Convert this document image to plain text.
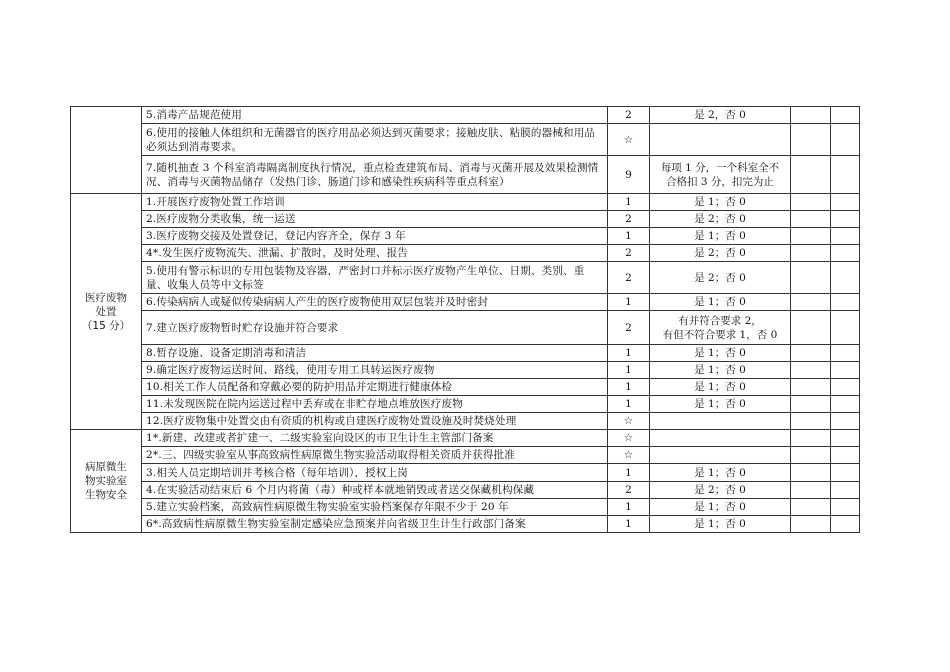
	5.消毒产品规范使用	2	是 2，否 0		

	6.使用的接触人体组织和无菌器官的医疗用品必须达到灭菌要求；接触皮肤、粘膜的器械和用品必须达到消毒要求。	☆			
	7.随机抽查 3 个科室消毒隔离制度执行情况，重点检查建筑布局、消毒与灭菌开展及效果检测情况、消毒与灭菌物品储存（发热门诊、肠道门诊和感染性疾病科等重点科室）	9	每项 1 分，一个科室全不
合格扣 3 分，扣完为止		

医疗废物
处置
（15 分）	1.开展医疗废物处置工作培训	1	是 1；否 0		

	2.医疗废物分类收集，统一运送	2	是 2；否 0		

	3.医疗废物交接及处置登记，登记内容齐全，保存 3 年	1	是 1；否 0		

	4*.发生医疗废物流失、泄漏、扩散时，及时处理、报告	2	是 2；否 0		

	5.使用有警示标识的专用包装物及容器，严密封口并标示医疗废物产生单位、日期、类别、重量、收集人员等中文标签	2	是 2；否 0		

	6.传染病病人或疑似传染病病人产生的医疗废物使用双层包装并及时密封	1	是 1；否 0		

	7.建立医疗废物暂时贮存设施并符合要求	2	有并符合要求 2，
有但不符合要求 1，否 0		

	8.暂存设施、设备定期消毒和清洁	1	是 1；否 0		

	9.确定医疗废物运送时间、路线，使用专用工具转运医疗废物	1	是 1；否 0		

	10.相关工作人员配备和穿戴必要的防护用品并定期进行健康体检	1	是 1；否 0		

	11.未发现医院在院内运送过程中丢弃或在非贮存地点堆放医疗废物	1	是 1；否 0		

	12.医疗废物集中处置交由有资质的机构或自建医疗废物处置设施及时焚烧处理	☆			

病原微生
物实验室
生物安全	1*.新建、改建或者扩建一、二级实验室向设区的市卫生计生主管部门备案	☆			
	2*.三、四级实验室从事高致病性病原微生物实验活动取得相关资质并获得批准	☆			
	3.相关人员定期培训并考核合格（每年培训），授权上岗	1	是 1；否 0		

	4.在实验活动结束后 6 个月内将菌（毒）种或样本就地销毁或者送交保藏机构保藏	2	是 2；否 0		

	5.建立实验档案，高致病性病原微生物实验室实验档案保存年限不少于 20 年	1	是 1；否 0		

	6*.高致病性病原微生物实验室制定感染应急预案并向省级卫生计生行政部门备案	1	是 1；否 0		
